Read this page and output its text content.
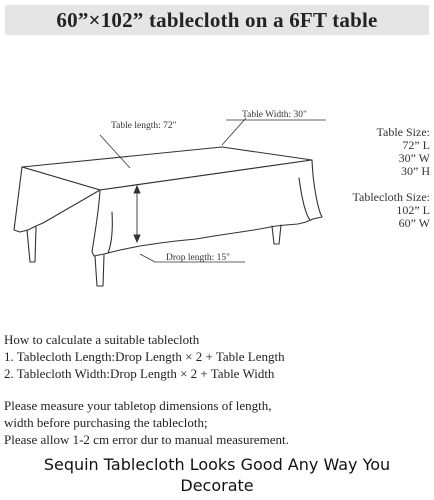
60”×102” tablecloth on a 6FT table
Table length: 72"
Table Width: 30"
Drop length: 15"
Table Size:
72” L
30” W
30” H
Tablecloth Size:
102” L
60” W
How to calculate a suitable tablecloth
1. Tablecloth Length:Drop Length × 2 + Table Length
2. Tablecloth Width:Drop Length × 2 + Table Width
Please measure your tabletop dimensions of length,
width before purchasing the tablecloth;
Please allow 1-2 cm error dur to manual measurement.
Sequin Tablecloth Looks Good Any Way You
Decorate
